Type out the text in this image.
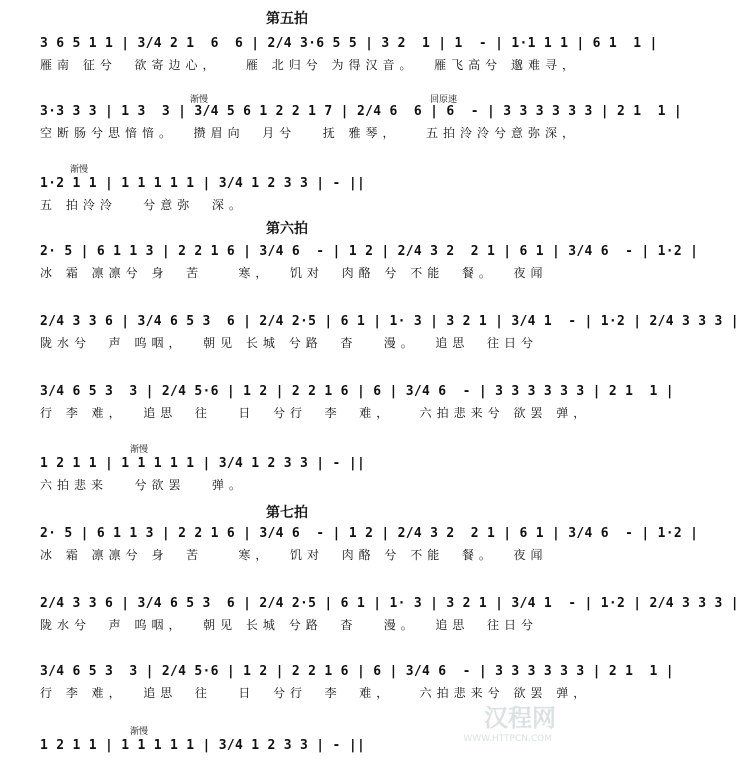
第五拍
3 6 5 1 1 | 3/4 2 1  6  6 | 2/4 3·6 5 5 | 3 2  1 | 1  - | 1·1 1 1 | 6 1  1 |
雁南 征兮  欲寄边心，   雁 北归兮 为得汉音。  雁飞高兮 邈难寻，
渐慢	回原速
3·3 3 3 | 1 3  3 | 3/4 5 6 1 2 2 1 7 | 2/4 6  6 | 6  - | 3 3 3 3 3 3 | 2 1  1 |
空断肠兮思愔愔。  攒眉向  月兮   抚 雅琴，   五拍泠泠兮意弥深，
渐慢
1·2 1 1 | 1 1 1 1 1 | 3/4 1 2 3 3 | - ||
五 拍泠泠   兮意弥  深。
第六拍
2· 5 | 6 1 1 3 | 2 2 1 6 | 3/4 6  - | 1 2 | 2/4 3 2  2 1 | 6 1 | 3/4 6  - | 1·2 |
冰 霜 凛凛兮 身  苦    寒，  饥对  肉酪 兮 不能  餐。  夜闻
2/4 3 3 6 | 3/4 6 5 3  6 | 2/4 2·5 | 6 1 | 1· 3 | 3 2 1 | 3/4 1  - | 1·2 | 2/4 3 3 3 |
陇水兮  声 呜咽，  朝见 长城 兮路  杳   漫。  追思  往日兮
3/4 6 5 3  3 | 2/4 5·6 | 1 2 | 2 2 1 6 | 6 | 3/4 6  - | 3 3 3 3 3 3 | 2 1  1 |
行 李 难，  追思  往   日  兮行  李  难，   六拍悲来兮 欲罢 弹，
渐慢
1 2 1 1 | 1 1 1 1 1 | 3/4 1 2 3 3 | - ||
六拍悲来   兮欲罢   弹。
第七拍
2· 5 | 6 1 1 3 | 2 2 1 6 | 3/4 6  - | 1 2 | 2/4 3 2  2 1 | 6 1 | 3/4 6  - | 1·2 |
冰 霜 凛凛兮 身  苦    寒，  饥对  肉酪 兮 不能  餐。  夜闻
2/4 3 3 6 | 3/4 6 5 3  6 | 2/4 2·5 | 6 1 | 1· 3 | 3 2 1 | 3/4 1  - | 1·2 | 2/4 3 3 3 |
陇水兮  声 呜咽，  朝见 长城 兮路  杳   漫。  追思  往日兮
3/4 6 5 3  3 | 2/4 5·6 | 1 2 | 2 2 1 6 | 6 | 3/4 6  - | 3 3 3 3 3 3 | 2 1  1 |
行 李 难，  追思  往   日  兮行  李  难，   六拍悲来兮 欲罢 弹，
渐慢
1 2 1 1 | 1 1 1 1 1 | 3/4 1 2 3 3 | - ||
汉程网
WWW.HTTPCN.COM
